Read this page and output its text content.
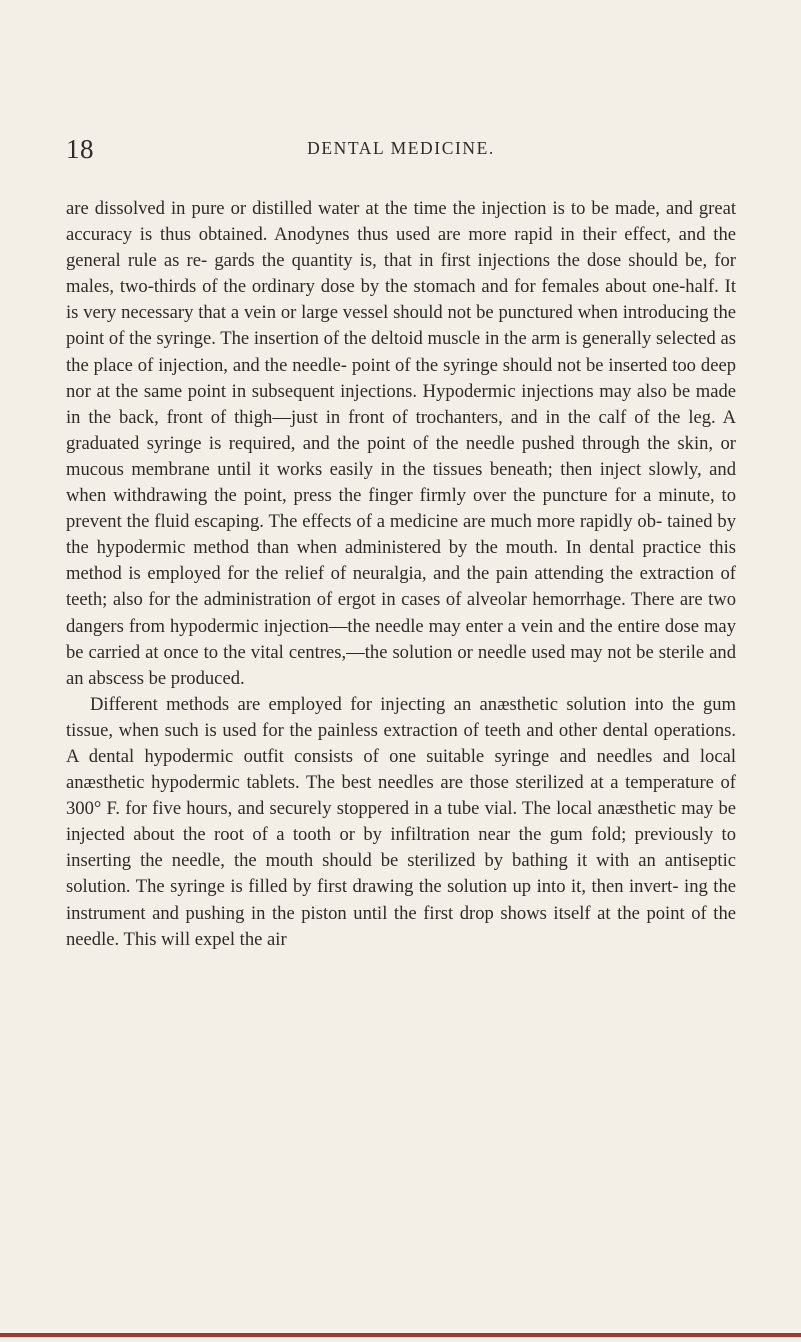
18	DENTAL MEDICINE.

are dissolved in pure or distilled water at the time the injection is to be made, and great accuracy is thus obtained. Anodynes thus used are more rapid in their effect, and the general rule as re- gards the quantity is, that in first injections the dose should be, for males, two-thirds of the ordinary dose by the stomach and for females about one-half. It is very necessary that a vein or large vessel should not be punctured when introducing the point of the syringe. The insertion of the deltoid muscle in the arm is generally selected as the place of injection, and the needle- point of the syringe should not be inserted too deep nor at the same point in subsequent injections. Hypodermic injections may also be made in the back, front of thigh—just in front of trochanters, and in the calf of the leg. A graduated syringe is required, and the point of the needle pushed through the skin, or mucous membrane until it works easily in the tissues beneath; then inject slowly, and when withdrawing the point, press the finger firmly over the puncture for a minute, to prevent the fluid escaping. The effects of a medicine are much more rapidly ob- tained by the hypodermic method than when administered by the mouth. In dental practice this method is employed for the relief of neuralgia, and the pain attending the extraction of teeth; also for the administration of ergot in cases of alveolar hemorrhage. There are two dangers from hypodermic injection—the needle may enter a vein and the entire dose may be carried at once to the vital centres,—the solution or needle used may not be sterile and an abscess be produced.

Different methods are employed for injecting an anæsthetic solution into the gum tissue, when such is used for the painless extraction of teeth and other dental operations. A dental hypodermic outfit consists of one suitable syringe and needles and local anæsthetic hypodermic tablets. The best needles are those sterilized at a temperature of 300° F. for five hours, and securely stoppered in a tube vial. The local anæsthetic may be injected about the root of a tooth or by infiltration near the gum fold; previously to inserting the needle, the mouth should be sterilized by bathing it with an antiseptic solution. The syringe is filled by first drawing the solution up into it, then invert- ing the instrument and pushing in the piston until the first drop shows itself at the point of the needle. This will expel the air
